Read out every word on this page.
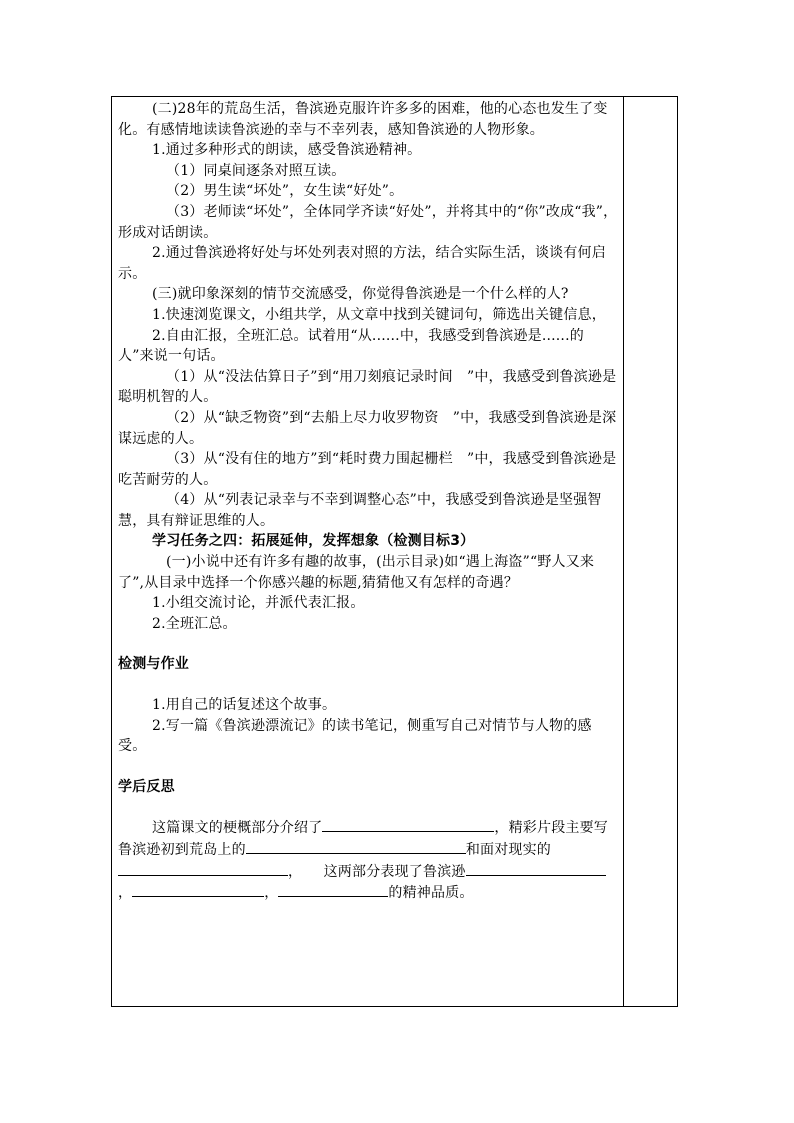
(二)28年的荒岛生活，鲁滨逊克服许许多多的困难，他的心态也发生了变化。有感情地读读鲁滨逊的幸与不幸列表，感知鲁滨逊的人物形象。

1.通过多种形式的朗读，感受鲁滨逊精神。

（1）同桌间逐条对照互读。

（2）男生读“坏处”，女生读“好处”。

（3）老师读“坏处”，全体同学齐读“好处”，并将其中的“你”改成“我”，形成对话朗读。

2.通过鲁滨逊将好处与坏处列表对照的方法，结合实际生活，谈谈有何启示。

(三)就印象深刻的情节交流感受，你觉得鲁滨逊是一个什么样的人?

1.快速浏览课文，小组共学，从文章中找到关键词句，筛选出关键信息，

2.自由汇报，全班汇总。试着用“从......中，我感受到鲁滨逊是......的人”来说一句话。

（1）从“没法估算日子”到“用刀刻痕记录时间　”中，我感受到鲁滨逊是聪明机智的人。

（2）从“缺乏物资”到“去船上尽力收罗物资　”中，我感受到鲁滨逊是深谋远虑的人。

（3）从“没有住的地方”到“耗时费力围起栅栏　”中，我感受到鲁滨逊是吃苦耐劳的人。

（4）从“列表记录幸与不幸到调整心态”中，我感受到鲁滨逊是坚强智慧，具有辩证思维的人。

学习任务之四：拓展延伸，发挥想象（检测目标3）

(一)小说中还有许多有趣的故事，(出示目录)如“遇上海盗”“野人又来了”,从目录中选择一个你感兴趣的标题,猜猜他又有怎样的奇遇？

1.小组交流讨论，并派代表汇报。

2.全班汇总。

检测与作业

1.用自己的话复述这个故事。

2.写一篇《鲁滨逊漂流记》的读书笔记，侧重写自己对情节与人物的感受。

学后反思

这篇课文的梗概部分介绍了	，精彩片段主要写鲁滨逊初到荒岛上的	和面对现实的，　　这两部分表现了鲁滨逊，	，	的精神品质。
